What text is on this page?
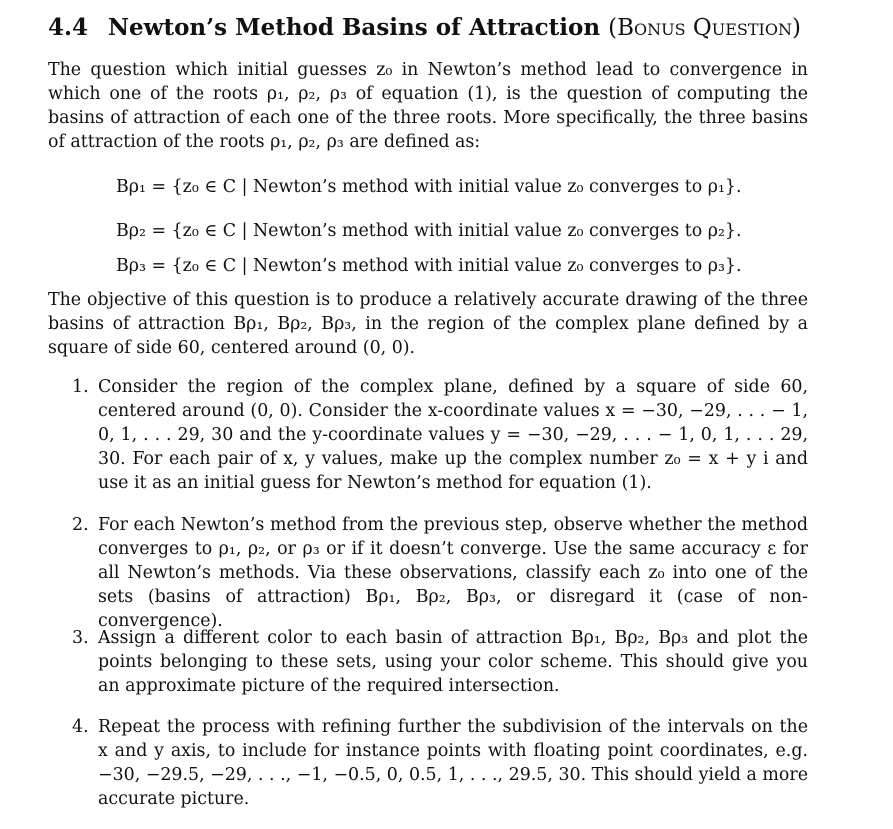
4.4 Newton’s Method Basins of Attraction (Bonus Question)
The question which initial guesses z₀ in Newton’s method lead to convergence in which one of the roots ρ₁, ρ₂, ρ₃ of equation (1), is the question of computing the basins of attraction of each one of the three roots. More specifically, the three basins of attraction of the roots ρ₁, ρ₂, ρ₃ are defined as:
Bρ₁ = {z₀ ∈ C | Newton’s method with initial value z₀ converges to ρ₁}.
Bρ₂ = {z₀ ∈ C | Newton’s method with initial value z₀ converges to ρ₂}.
Bρ₃ = {z₀ ∈ C | Newton’s method with initial value z₀ converges to ρ₃}.
The objective of this question is to produce a relatively accurate drawing of the three basins of attraction Bρ₁, Bρ₂, Bρ₃, in the region of the complex plane defined by a square of side 60, centered around (0, 0).
1. Consider the region of the complex plane, defined by a square of side 60, centered around (0, 0). Consider the x-coordinate values x = −30, −29, . . . − 1, 0, 1, . . . 29, 30 and the y-coordinate values y = −30, −29, . . . − 1, 0, 1, . . . 29, 30. For each pair of x, y values, make up the complex number z₀ = x + y i and use it as an initial guess for Newton’s method for equation (1).
2. For each Newton’s method from the previous step, observe whether the method converges to ρ₁, ρ₂, or ρ₃ or if it doesn’t converge. Use the same accuracy ε for all Newton’s methods. Via these observations, classify each z₀ into one of the sets (basins of attraction) Bρ₁, Bρ₂, Bρ₃, or disregard it (case of non-convergence).
3. Assign a different color to each basin of attraction Bρ₁, Bρ₂, Bρ₃ and plot the points belonging to these sets, using your color scheme. This should give you an approximate picture of the required intersection.
4. Repeat the process with refining further the subdivision of the intervals on the x and y axis, to include for instance points with floating point coordinates, e.g. −30, −29.5, −29, . . ., −1, −0.5, 0, 0.5, 1, . . ., 29.5, 30. This should yield a more accurate picture.
